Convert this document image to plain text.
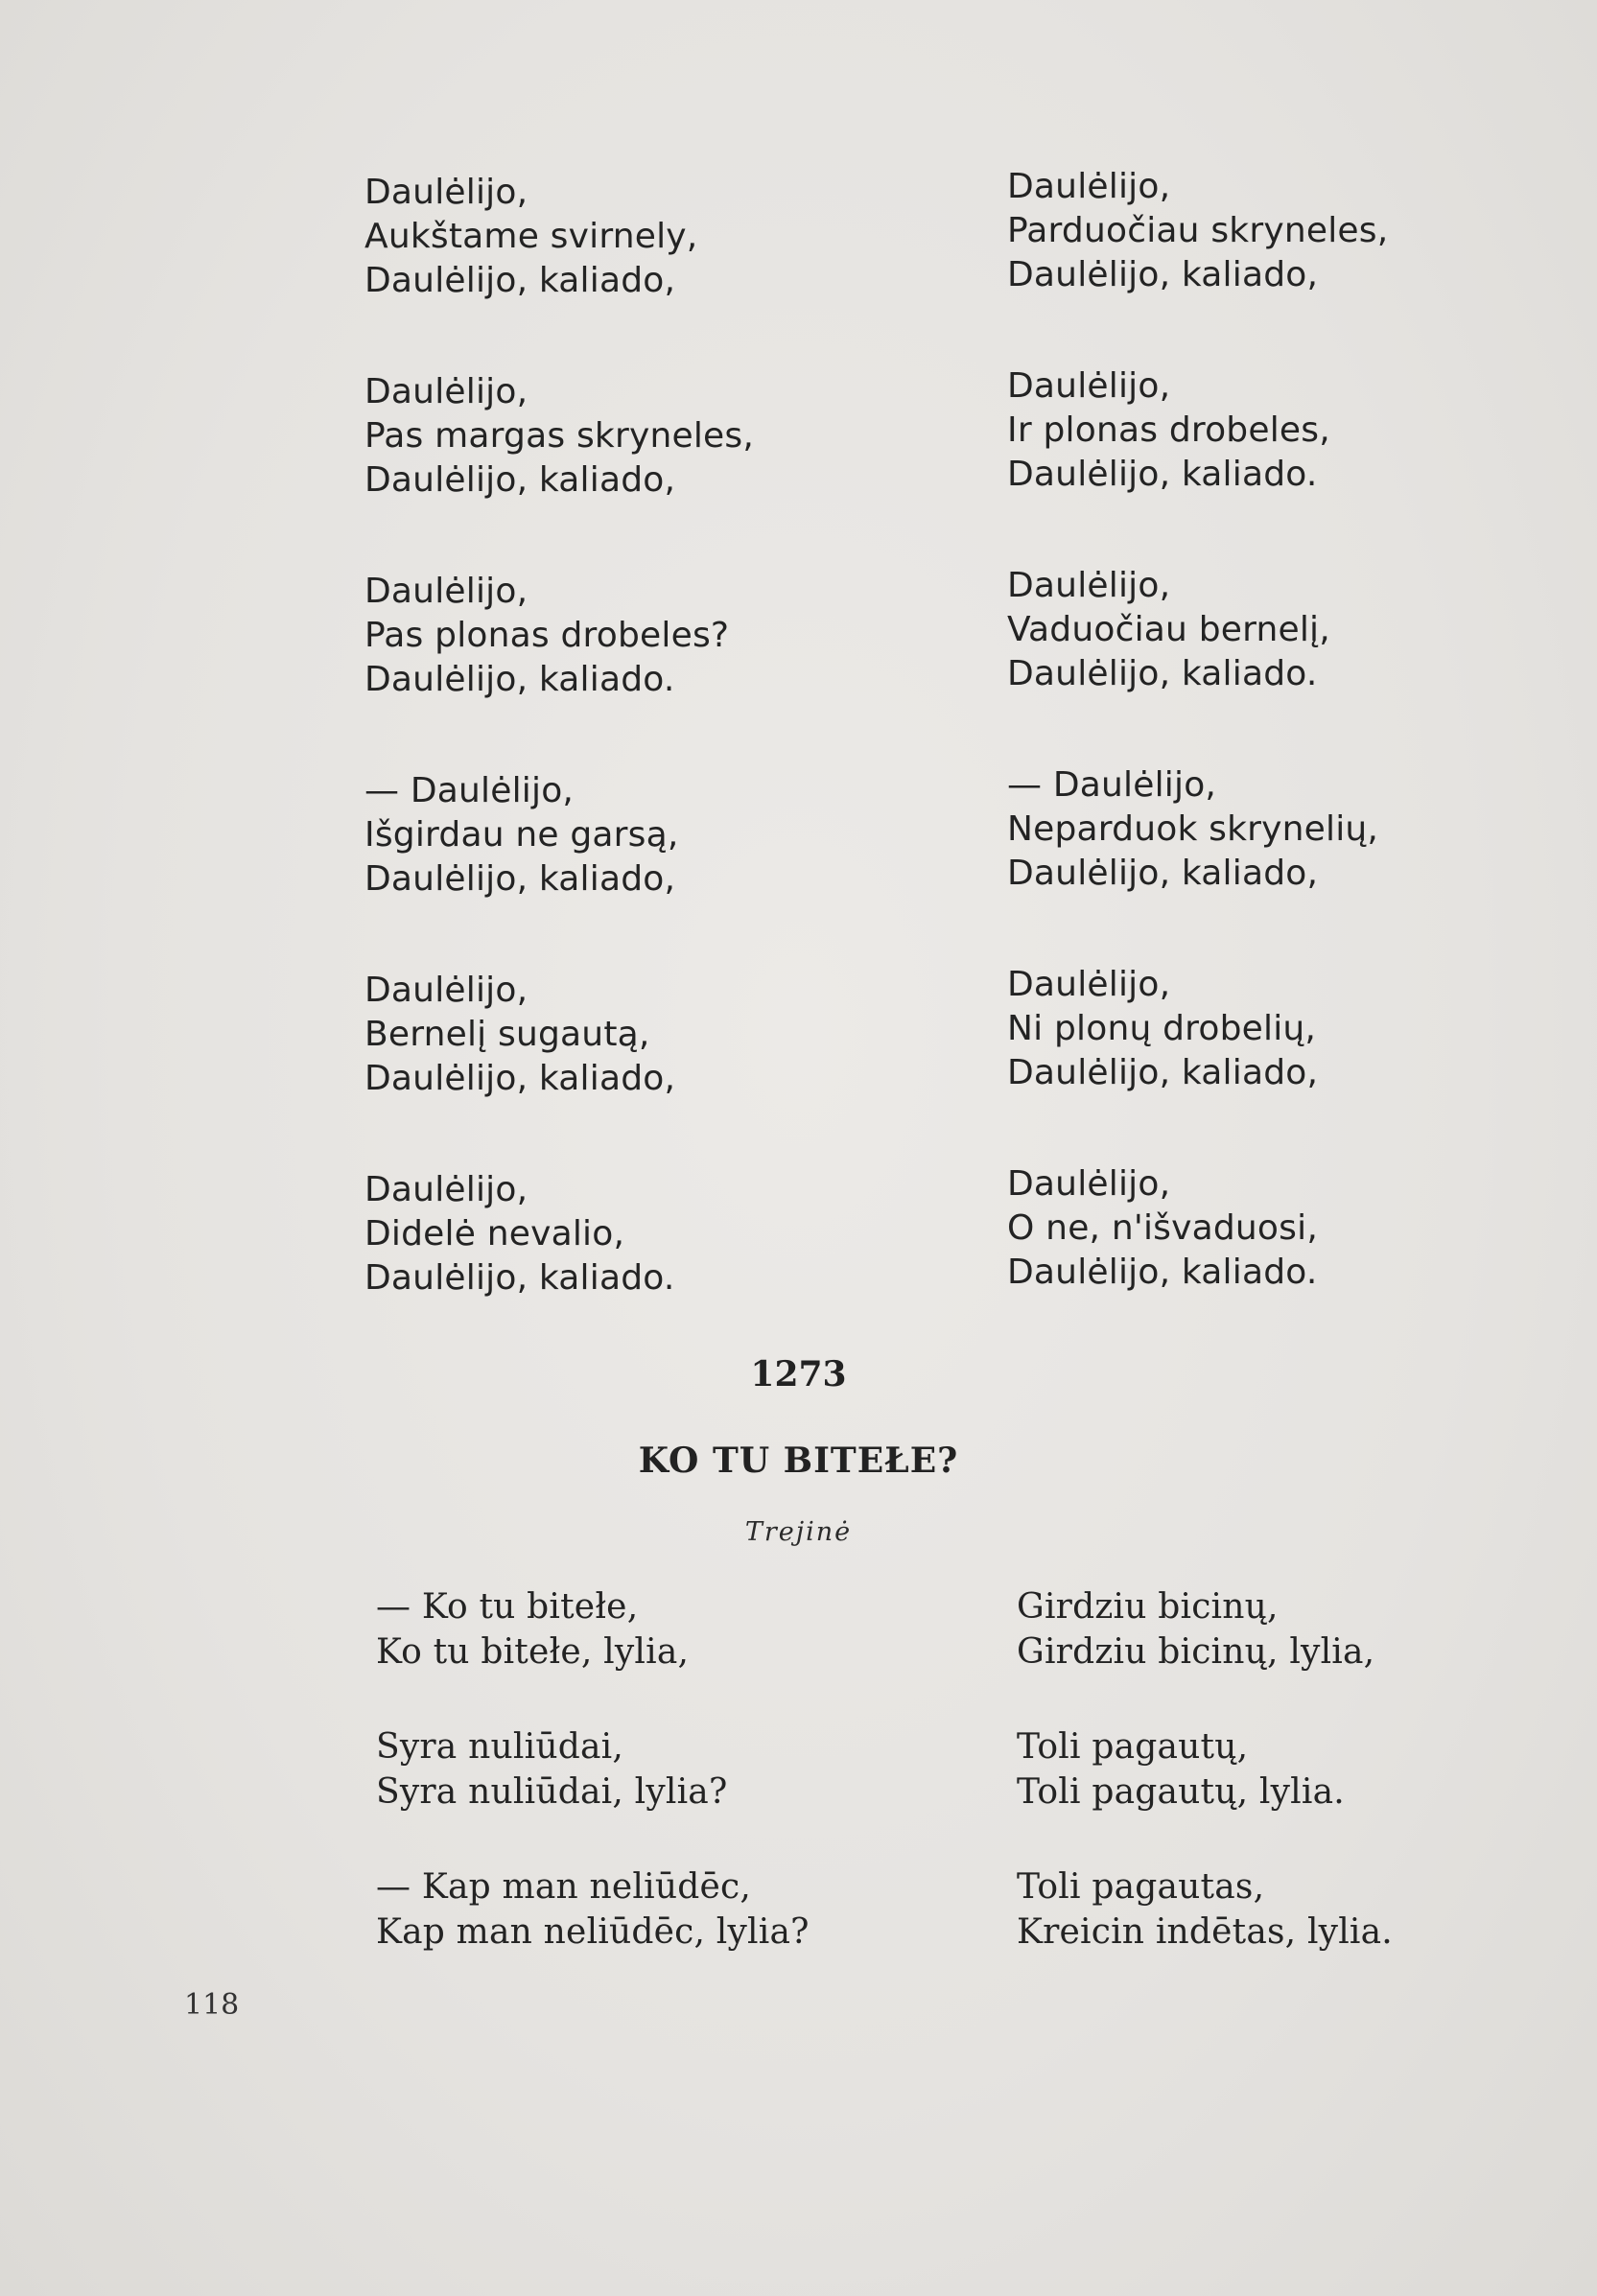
Daulėlijo,
Aukštame svirnely,
Daulėlijo, kaliado,
Daulėlijo,
Pas margas skryneles,
Daulėlijo, kaliado,
Daulėlijo,
Pas plonas drobeles?
Daulėlijo, kaliado.
— Daulėlijo,
Išgirdau ne garsą,
Daulėlijo, kaliado,
Daulėlijo,
Bernelį sugautą,
Daulėlijo, kaliado,
Daulėlijo,
Didelė nevalio,
Daulėlijo, kaliado.
Daulėlijo,
Parduočiau skryneles,
Daulėlijo, kaliado,
Daulėlijo,
Ir plonas drobeles,
Daulėlijo, kaliado.
Daulėlijo,
Vaduočiau bernelį,
Daulėlijo, kaliado.
— Daulėlijo,
Neparduok skrynelių,
Daulėlijo, kaliado,
Daulėlijo,
Ni plonų drobelių,
Daulėlijo, kaliado,
Daulėlijo,
O ne, n'išvaduosi,
Daulėlijo, kaliado.
1273
KO TU BITEŁE?
Trejinė
— Ko tu bitełe,
Ko tu bitełe, lylia,
Syra nuliūdai,
Syra nuliūdai, lylia?
— Kap man neliūdēc,
Kap man neliūdēc, lylia?
Girdziu bicinų,
Girdziu bicinų, lylia,
Toli pagautų,
Toli pagautų, lylia.
Toli pagautas,
Kreicin indētas, lylia.
118
